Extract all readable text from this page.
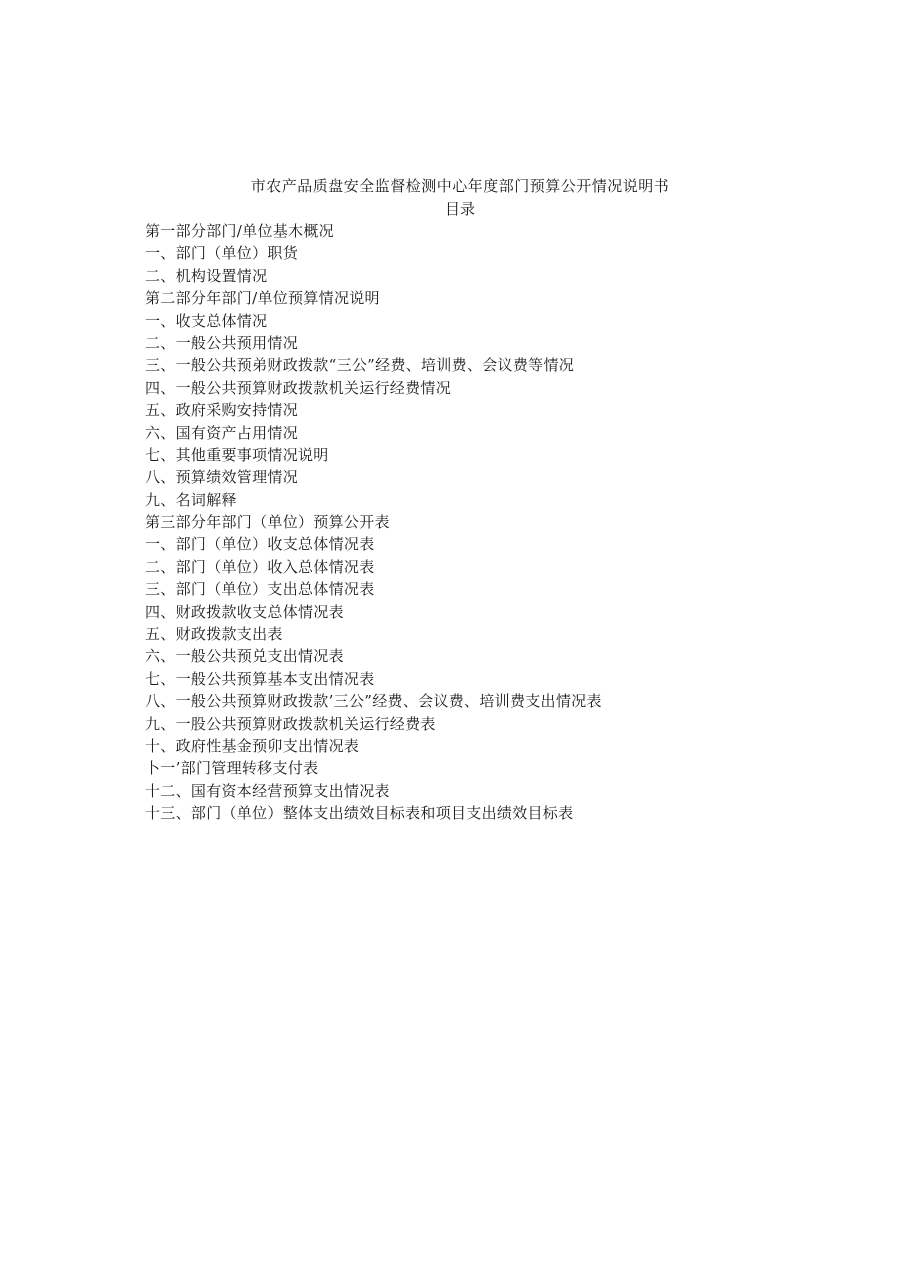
市农产品质盘安全监督检测中心年度部门预算公开情况说明书
目录
第一部分部门/单位基木概况
一、部门（单位）职货
二、机构设置情况
第二部分年部门/单位预算情况说明
一、收支总体情况
二、一般公共预用情况
三、一般公共预弟财政拨款“三公”经费、培训费、会议费等情况
四、一般公共预算财政拨款机关运行经费情况
五、政府采购安持情况
六、国有资产占用情况
七、其他重要事项情况说明
八、预算绩效管理情况
九、名词解释
第三部分年部门（单位）预算公开表
一、部门（单位）收支总体情况表
二、部门（单位）收入总体情况表
三、部门（单位）支出总体情况表
四、财政拨款收支总体情况表
五、财政拨款支出表
六、一般公共预兑支出情况表
七、一般公共预算基本支出情况表
八、一般公共预算财政拨款’三公”经费、会议费、培训费支出情况表
九、一股公共预算财政拨款机关运行经费表
十、政府性基金预卯支出情况表
卜一’部门管理转移支付表
十二、国有资本经营预算支出情况表
十三、部门（单位）整体支出绩效目标表和项目支出绩效目标表
